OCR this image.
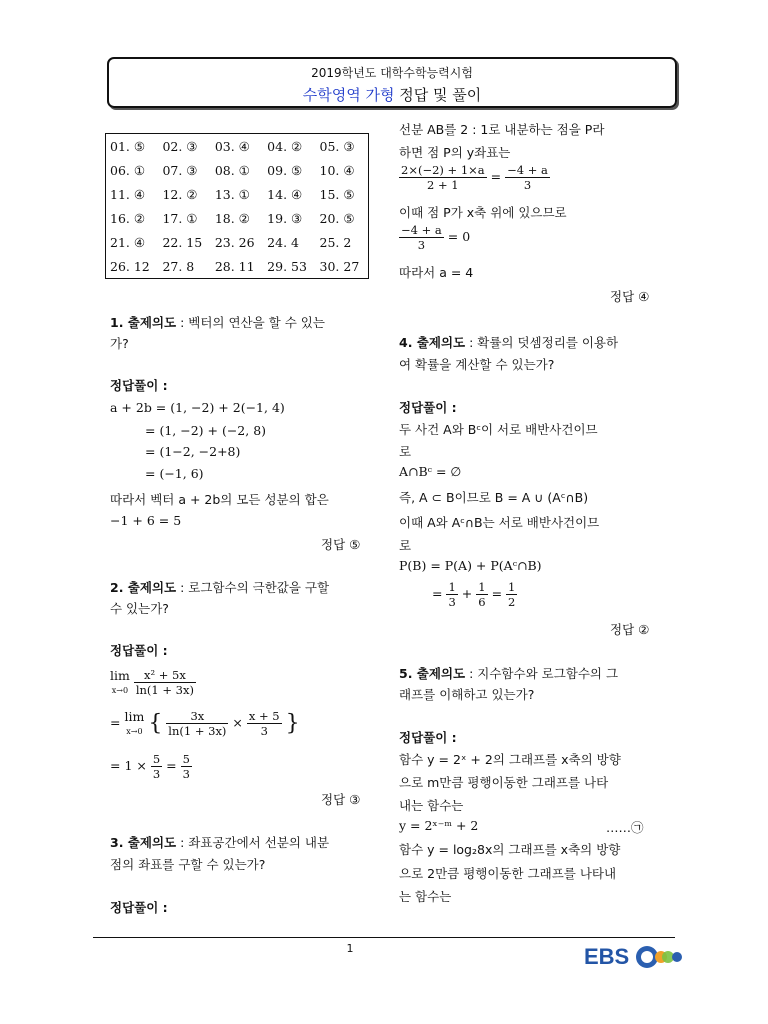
2019학년도 대학수학능력시험
수학영역 가형 정답 및 풀이
01. ⑤	02. ③	03. ④	04. ②	05. ③
06. ①	07. ③	08. ①	09. ⑤	10. ④
11. ④	12. ②	13. ①	14. ④	15. ⑤
16. ②	17. ①	18. ②	19. ③	20. ⑤
21. ④	22. 15	23. 26	24. 4	25. 2
26. 12	27. 8	28. 11	29. 53	30. 27
1. 출제의도 : 벡터의 연산을 할 수 있는
가?
정답풀이 :
a + 2b = (1, −2) + 2(−1, 4)
= (1, −2) + (−2, 8)
= (1−2, −2+8)
= (−1, 6)
따라서 벡터 a + 2b의 모든 성분의 합은
−1 + 6 = 5
정답 ⑤
2. 출제의도 : 로그함수의 극한값을 구할
수 있는가?
정답풀이 :
lim
$x\to 0 \frac{\text{x² + 5x}}{\ln(1 + 3x)}$
= lim
x→0 { $\frac{3x}{\ln(1 + 3x)} \times \frac{x + 5}{3}$ }
= $1 \times \frac{5}{3} = \frac{5}{3}$
정답 ③
3. 출제의도 : 좌표공간에서 선분의 내분
점의 좌표를 구할 수 있는가?
정답풀이 :
선분 AB를 2 : 1로 내분하는 점을 P라
하면 점 P의 y좌표는
$\frac{2\times(-2) + 1\times a}{2 + 1} = \frac{-4 + a}{3}$
이때 점 P가 x축 위에 있으므로
$\frac{-4 + a}{3} = 0$
따라서 a = 4
정답 ④
4. 출제의도 : 확률의 덧셈정리를 이용하
여 확률을 계산할 수 있는가?
정답풀이 :
두 사건 A와 Bᶜ이 서로 배반사건이므
로
A∩Bᶜ = ∅
즉, A ⊂ B이므로 B = A ∪ (Aᶜ∩B)
이때 A와 Aᶜ∩B는 서로 배반사건이므
로
P(B) = P(A) + P(Aᶜ∩B)
= $\frac{1}{3} + \frac{1}{6} = \frac{1}{2}$
정답 ②
5. 출제의도 : 지수함수와 로그함수의 그
래프를 이해하고 있는가?
정답풀이 :
함수 y = 2ˣ + 2의 그래프를 x축의 방향
으로 m만큼 평행이동한 그래프를 나타
내는 함수는
y = 2ˣ⁻ᵐ + 2	……㉠
함수 y = log₂8x의 그래프를 x축의 방향
으로 2만큼 평행이동한 그래프를 나타내
는 함수는
1	EBS
